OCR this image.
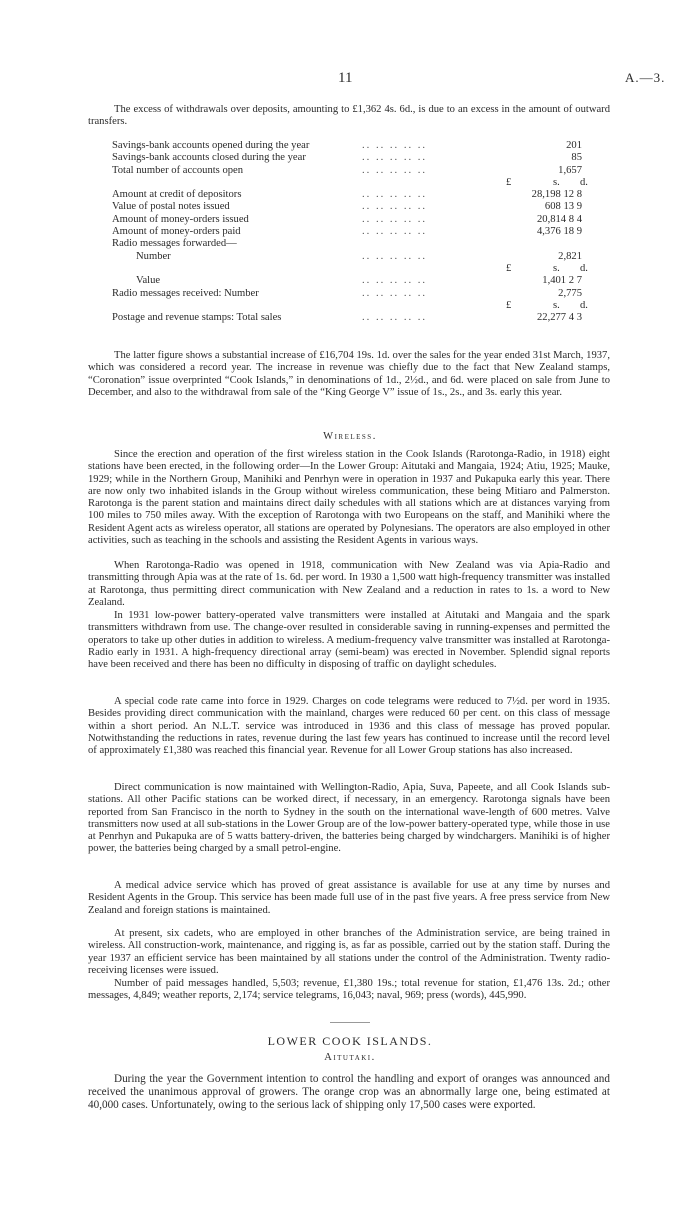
11	A.—3.

The excess of withdrawals over deposits, amounting to £1,362 4s. 6d., is due to an excess in the amount of outward transfers.

Savings-bank accounts opened during the year	.. .. .. .. ..	201
Savings-bank accounts closed during the year	.. .. .. .. ..	85
Total number of accounts open	.. .. .. .. ..	1,657
£	s. d.
Amount at credit of depositors	.. .. .. .. ..	28,198 12 8
Value of postal notes issued	.. .. .. .. ..	608 13 9
Amount of money-orders issued	.. .. .. .. ..	20,814 8 4
Amount of money-orders paid	.. .. .. .. ..	4,376 18 9
Radio messages forwarded—
Number	.. .. .. .. ..	2,821
£	s. d.
Value	.. .. .. .. ..	1,401 2 7
Radio messages received: Number	.. .. .. .. ..	2,775
£	s. d.
Postage and revenue stamps: Total sales	.. .. .. .. ..	22,277 4 3

The latter figure shows a substantial increase of £16,704 19s. 1d. over the sales for the year ended 31st March, 1937, which was considered a record year. The increase in revenue was chiefly due to the fact that New Zealand stamps, “Coronation” issue overprinted “Cook Islands,” in denominations of 1d., 2½d., and 6d. were placed on sale from June to December, and also to the withdrawal from sale of the “King George V” issue of 1s., 2s., and 3s. early this year.

Wireless.

Since the erection and operation of the first wireless station in the Cook Islands (Rarotonga-Radio, in 1918) eight stations have been erected, in the following order—In the Lower Group: Aitutaki and Mangaia, 1924; Atiu, 1925; Mauke, 1929; while in the Northern Group, Manihiki and Penrhyn were in operation in 1937 and Pukapuka early this year. There are now only two inhabited islands in the Group without wireless communication, these being Mitiaro and Palmerston. Rarotonga is the parent station and maintains direct daily schedules with all stations which are at distances varying from 100 miles to 750 miles away. With the exception of Rarotonga with two Europeans on the staff, and Manihiki where the Resident Agent acts as wireless operator, all stations are operated by Polynesians. The operators are also employed in other activities, such as teaching in the schools and assisting the Resident Agents in various ways.

When Rarotonga-Radio was opened in 1918, communication with New Zealand was via Apia-Radio and transmitting through Apia was at the rate of 1s. 6d. per word. In 1930 a 1,500 watt high-frequency transmitter was installed at Rarotonga, thus permitting direct communication with New Zealand and a reduction in rates to 1s. a word to New Zealand.

In 1931 low-power battery-operated valve transmitters were installed at Aitutaki and Mangaia and the spark transmitters withdrawn from use. The change-over resulted in considerable saving in running-expenses and permitted the operators to take up other duties in addition to wireless. A medium-frequency valve transmitter was installed at Rarotonga-Radio early in 1931. A high-frequency directional array (semi-beam) was erected in November. Splendid signal reports have been received and there has been no difficulty in disposing of traffic on daylight schedules.

A special code rate came into force in 1929. Charges on code telegrams were reduced to 7½d. per word in 1935. Besides providing direct communication with the mainland, charges were reduced 60 per cent. on this class of message within a short period. An N.L.T. service was introduced in 1936 and this class of message has proved popular. Notwithstanding the reductions in rates, revenue during the last few years has continued to increase until the record level of approximately £1,380 was reached this financial year. Revenue for all Lower Group stations has also increased.

Direct communication is now maintained with Wellington-Radio, Apia, Suva, Papeete, and all Cook Islands sub-stations. All other Pacific stations can be worked direct, if necessary, in an emergency. Rarotonga signals have been reported from San Francisco in the north to Sydney in the south on the international wave-length of 600 metres. Valve transmitters now used at all sub-stations in the Lower Group are of the low-power battery-operated type, while those in use at Penrhyn and Pukapuka are of 5 watts battery-driven, the batteries being charged by windchargers. Manihiki is of higher power, the batteries being charged by a small petrol-engine.

A medical advice service which has proved of great assistance is available for use at any time by nurses and Resident Agents in the Group. This service has been made full use of in the past five years. A free press service from New Zealand and foreign stations is maintained.

At present, six cadets, who are employed in other branches of the Administration service, are being trained in wireless. All construction-work, maintenance, and rigging is, as far as possible, carried out by the station staff. During the year 1937 an efficient service has been maintained by all stations under the control of the Administration. Twenty radio-receiving licenses were issued.

Number of paid messages handled, 5,503; revenue, £1,380 19s.; total revenue for station, £1,476 13s. 2d.; other messages, 4,849; weather reports, 2,174; service telegrams, 16,043; naval, 969; press (words), 445,990.

LOWER COOK ISLANDS.
Aitutaki.

During the year the Government intention to control the handling and export of oranges was announced and received the unanimous approval of growers. The orange crop was an abnormally large one, being estimated at 40,000 cases. Unfortunately, owing to the serious lack of shipping only 17,500 cases were exported.
